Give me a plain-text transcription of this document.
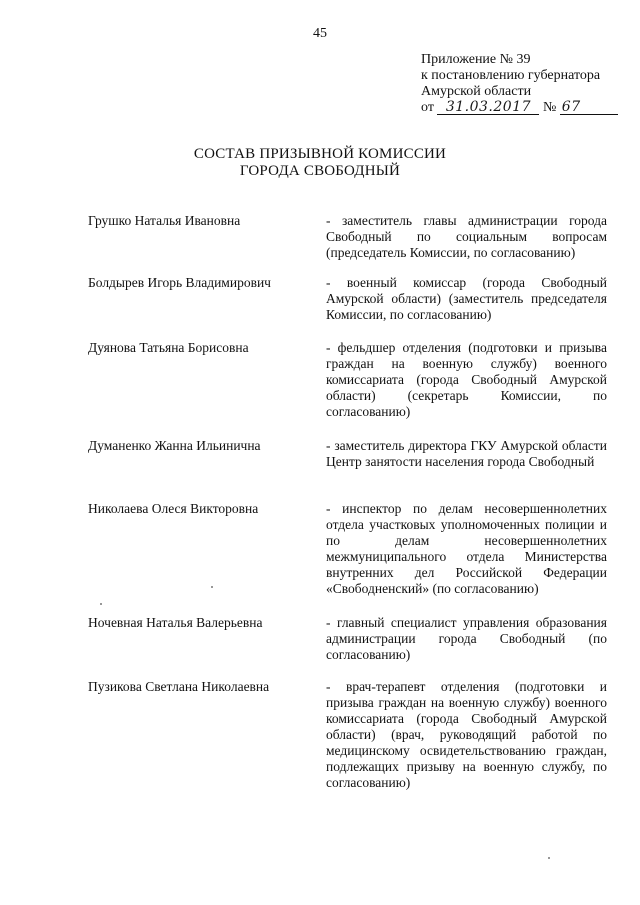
45
Приложение № 39
к постановлению губернатора
Амурской области
от 31.03.2017 № 67
СОСТАВ ПРИЗЫВНОЙ КОМИССИИ
ГОРОДА СВОБОДНЫЙ
Грушко Наталья Ивановна	- заместитель главы администрации города Свободный по социальным вопросам (председатель Комиссии, по согласованию)
Болдырев Игорь Владимирович	- военный комиссар (города Свободный Амурской области) (заместитель председателя Комиссии, по согласованию)
Дуянова Татьяна Борисовна	- фельдшер отделения (подготовки и призыва граждан на военную службу) военного комиссариата (города Свободный Амурской области) (секретарь Комиссии, по согласованию)
Думаненко Жанна Ильинична	- заместитель директора ГКУ Амурской области Центр занятости населения города Свободный
Николаева Олеся Викторовна	- инспектор по делам несовершеннолетних отдела участковых уполномоченных полиции и по делам несовершеннолетних межмуниципального отдела Министерства внутренних дел Российской Федерации «Свободненский» (по согласованию)
Ночевная Наталья Валерьевна	- главный специалист управления образования администрации города Свободный (по согласованию)
Пузикова Светлана Николаевна	- врач-терапевт отделения (подготовки и призыва граждан на военную службу) военного комиссариата (города Свободный Амурской области) (врач, руководящий работой по медицинскому освидетельствованию граждан, подлежащих призыву на военную службу, по согласованию)
